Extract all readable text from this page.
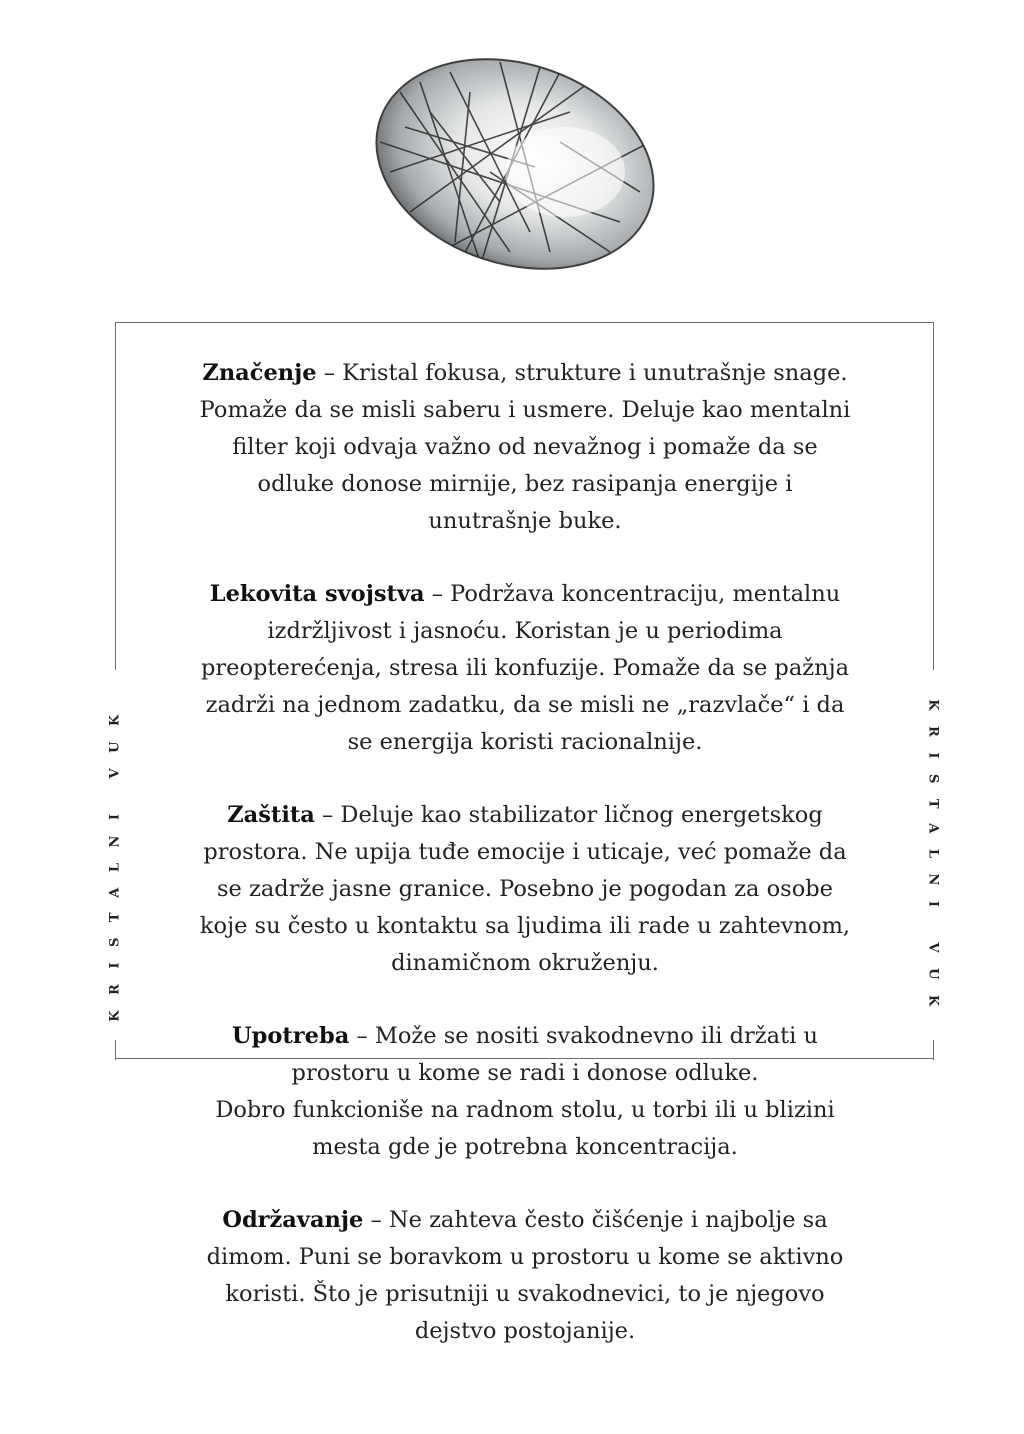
KRISTALNI VUK	KRISTALNI VUK
Značenje – Kristal fokusa, strukture i unutrašnje snage. Pomaže da se misli saberu i usmere. Deluje kao mentalni filter koji odvaja važno od nevažnog i pomaže da se odluke donose mirnije, bez rasipanja energije i unutrašnje buke.
Lekovita svojstva – Podržava koncentraciju, mentalnu izdržljivost i jasnoću. Koristan je u periodima preopterećenja, stresa ili konfuzije. Pomaže da se pažnja zadrži na jednom zadatku, da se misli ne „razvlače“ i da se energija koristi racionalnije.
Zaštita – Deluje kao stabilizator ličnog energetskog prostora. Ne upija tuđe emocije i uticaje, već pomaže da se zadrže jasne granice. Posebno je pogodan za osobe koje su često u kontaktu sa ljudima ili rade u zahtevnom, dinamičnom okruženju.
Upotreba – Može se nositi svakodnevno ili držati u prostoru u kome se radi i donose odluke.
Dobro funkcioniše na radnom stolu, u torbi ili u blizini mesta gde je potrebna koncentracija.
Održavanje – Ne zahteva često čišćenje i najbolje sa dimom. Puni se boravkom u prostoru u kome se aktivno koristi. Što je prisutniji u svakodnevici, to je njegovo dejstvo postojanije.
